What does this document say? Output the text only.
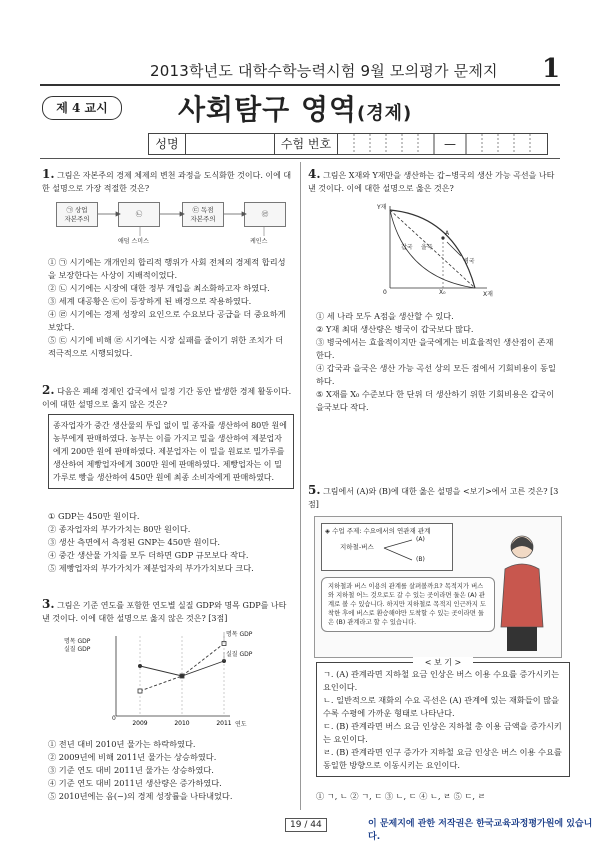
2013학년도 대학수학능력시험 9월 모의평가 문제지 1
제 4 교시	사회탐구 영역(경제)
성명	수험 번호	—
1. 그림은 자본주의 경제 체제의 변천 과정을 도식화한 것이다. 이에 대한 설명으로 가장 적절한 것은?
㉠ 상업
자본주의
㉡	㉢ 독점
자본주의
㉣
애덤 스미스	케인스
① ㉠ 시기에는 개개인의 합리적 행위가 사회 전체의 경제적 합리성을 보장한다는 사상이 지배적이었다.
② ㉡ 시기에는 시장에 대한 정부 개입을 최소화하고자 하였다.
③ 세계 대공황은 ㉢이 등장하게 된 배경으로 작용하였다.
④ ㉣ 시기에는 경제 성장의 요인으로 수요보다 공급을 더 중요하게 보았다.
⑤ ㉢ 시기에 비해 ㉣ 시기에는 시장 실패를 줄이기 위한 조치가 더 적극적으로 시행되었다.
2. 다음은 폐쇄 경제인 갑국에서 일정 기간 동안 발생한 경제 활동이다. 이에 대한 설명으로 옳지 않은 것은?
종자업자가 중간 생산물의 투입 없이 밀 종자를 생산하여 80만 원에 농부에게 판매하였다. 농부는 이를 가지고 밀을 생산하여 제분업자에게 200만 원에 판매하였다. 제분업자는 이 밀을 원료로 밀가루를 생산하여 제빵업자에게 300만 원에 판매하였다. 제빵업자는 이 밀가루로 빵을 생산하여 450만 원에 최종 소비자에게 판매하였다.
① GDP는 450만 원이다.
② 종자업자의 부가가치는 80만 원이다.
③ 생산 측면에서 측정된 GNP는 450만 원이다.
④ 중간 생산물 가치를 모두 더하면 GDP 규모보다 작다.
⑤ 제빵업자의 부가가치가 제분업자의 부가가치보다 크다.
3. 그림은 기준 연도를 포함한 연도별 실질 GDP와 명목 GDP를 나타낸 것이다. 이에 대한 설명으로 옳지 않은 것은? [3점]
명목 GDP
실질 GDP
2009	2010	2011
명목 GDP
실질 GDP
연도
0
① 전년 대비 2010년 물가는 하락하였다.
② 2009년에 비해 2011년 물가는 상승하였다.
③ 기준 연도 대비 2011년 물가는 상승하였다.
④ 기준 연도 대비 2011년 생산량은 증가하였다.
⑤ 2010년에는 음(−)의 경제 성장률을 나타내었다.
4. 그림은 X재와 Y재만을 생산하는 갑~병국의 생산 가능 곡선을 나타낸 것이다. 이에 대한 설명으로 옳은 것은?
Y재
X재
갑국 을국
병국
A
0	X₀
① 세 나라 모두 A점을 생산할 수 있다.
② Y재 최대 생산량은 병국이 갑국보다 많다.
③ 병국에서는 효율적이지만 을국에게는 비효율적인 생산점이 존재한다.
④ 갑국과 을국은 생산 가능 곡선 상의 모든 점에서 기회비용이 동일하다.
⑤ X재를 X₀ 수준보다 한 단위 더 생산하기 위한 기회비용은 갑국이 을국보다 작다.
5. 그림에서 (A)와 (B)에 대한 옳은 설명을 <보기>에서 고른 것은? [3점]
◈ 수업 주제: 수요에서의 연관재 관계
지하철-버스
(A)
(B)
지하철과 버스 이용의 관계를 살펴볼까요? 목적지가 버스와 지하철 어느 것으로도 갈 수 있는 곳이라면 둘은 (A) 관계로 볼 수 있습니다. 하지만 지하철로 목적지 인근까지 도착한 후에 버스로 환승해야만 도착할 수 있는 곳이라면 둘은 (B) 관계라고 할 수 있습니다.
< 보 기 >
ㄱ. (A) 관계라면 지하철 요금 인상은 버스 이용 수요를 증가시키는 요인이다.
ㄴ. 일반적으로 재화의 수요 곡선은 (A) 관계에 있는 재화들이 많을수록 수평에 가까운 형태로 나타난다.
ㄷ. (B) 관계라면 버스 요금 인상은 지하철 총 이용 금액을 증가시키는 요인이다.
ㄹ. (B) 관계라면 인구 증가가 지하철 요금 인상은 버스 이용 수요를 동일한 방향으로 이동시키는 요인이다.
① ㄱ, ㄴ ② ㄱ, ㄷ ③ ㄴ, ㄷ ④ ㄴ, ㄹ ⑤ ㄷ, ㄹ
19 / 44	이 문제지에 관한 저작권은 한국교육과정평가원에 있습니다.
